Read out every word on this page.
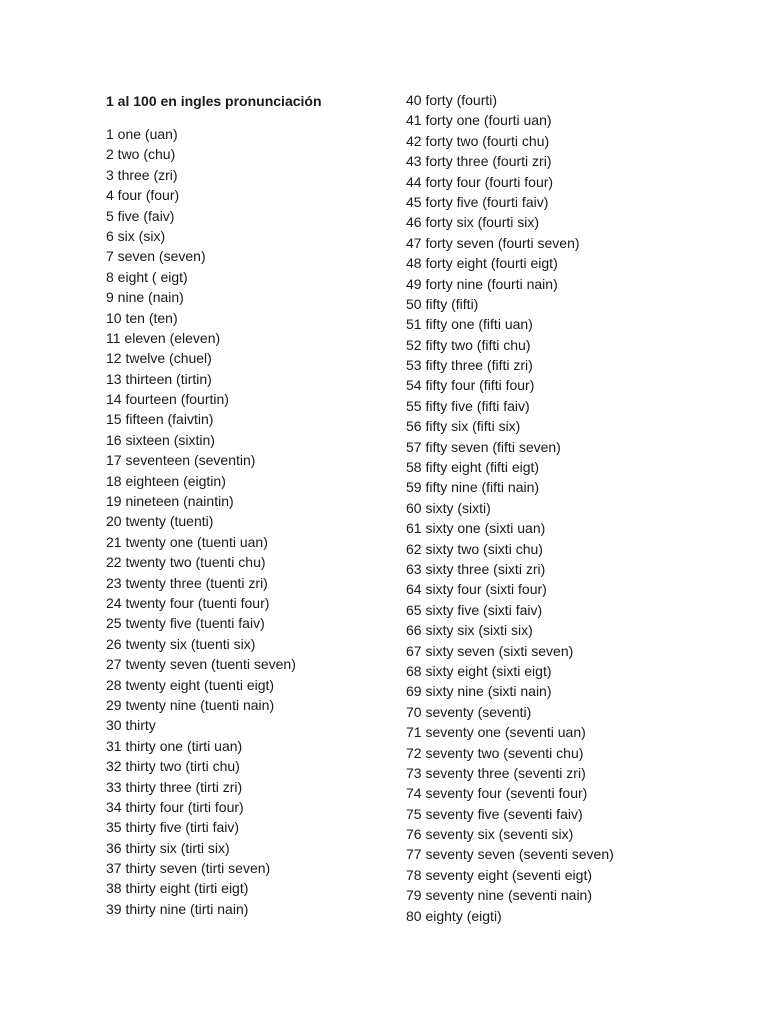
1 al 100 en ingles pronunciación
1 one (uan)
2 two (chu)
3 three (zri)
4 four (four)
5 five (faiv)
6 six (six)
7 seven (seven)
8 eight ( eigt)
9 nine (nain)
10 ten (ten)
11 eleven (eleven)
12 twelve (chuel)
13 thirteen (tirtin)
14 fourteen (fourtin)
15 fifteen (faivtin)
16 sixteen (sixtin)
17 seventeen (seventin)
18 eighteen (eigtin)
19 nineteen (naintin)
20 twenty (tuenti)
21 twenty one (tuenti uan)
22 twenty two (tuenti chu)
23 twenty three (tuenti zri)
24 twenty four (tuenti four)
25 twenty five (tuenti faiv)
26 twenty six (tuenti six)
27 twenty seven (tuenti seven)
28 twenty eight (tuenti eigt)
29 twenty nine (tuenti nain)
30 thirty
31 thirty one (tirti uan)
32 thirty two (tirti chu)
33 thirty three (tirti zri)
34 thirty four (tirti four)
35 thirty five (tirti faiv)
36 thirty six (tirti six)
37 thirty seven (tirti seven)
38 thirty eight (tirti eigt)
39 thirty nine (tirti nain)
40 forty (fourti)
41 forty one (fourti uan)
42 forty two (fourti chu)
43 forty three (fourti zri)
44 forty four (fourti four)
45 forty five (fourti faiv)
46 forty six (fourti six)
47 forty seven (fourti seven)
48 forty eight (fourti eigt)
49 forty nine (fourti nain)
50 fifty (fifti)
51 fifty one (fifti uan)
52 fifty two (fifti chu)
53 fifty three (fifti zri)
54 fifty four (fifti four)
55 fifty five (fifti faiv)
56 fifty six (fifti six)
57 fifty seven (fifti seven)
58 fifty eight (fifti eigt)
59 fifty nine (fifti nain)
60 sixty (sixti)
61 sixty one (sixti uan)
62 sixty two (sixti chu)
63 sixty three (sixti zri)
64 sixty four (sixti four)
65 sixty five (sixti faiv)
66 sixty six (sixti six)
67 sixty seven (sixti seven)
68 sixty eight (sixti eigt)
69 sixty nine (sixti nain)
70 seventy (seventi)
71 seventy one (seventi uan)
72 seventy two (seventi chu)
73 seventy three (seventi zri)
74 seventy four (seventi four)
75 seventy five (seventi faiv)
76 seventy six (seventi six)
77 seventy seven (seventi seven)
78 seventy eight (seventi eigt)
79 seventy nine (seventi nain)
80 eighty (eigti)
